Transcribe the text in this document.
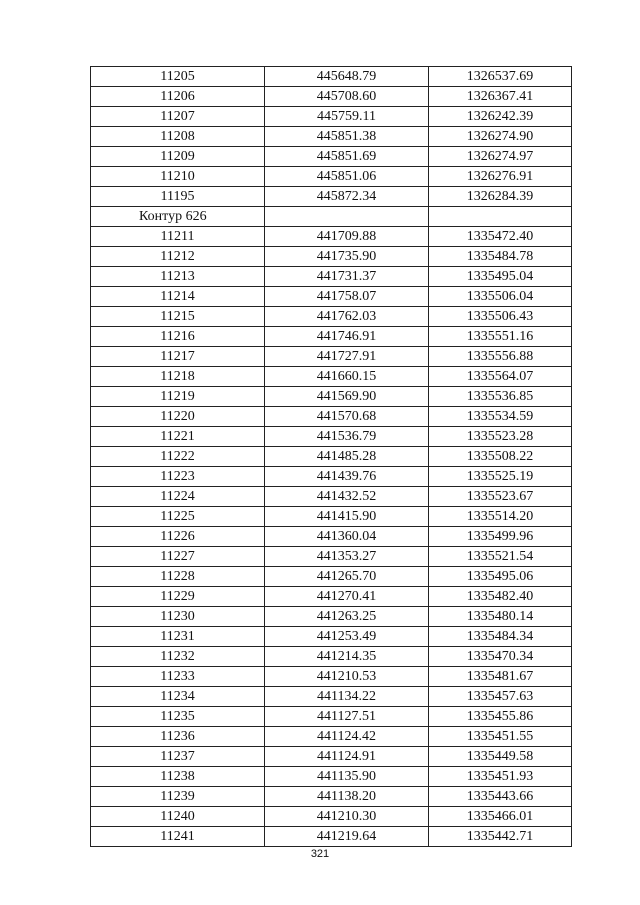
11205	445648.79	1326537.69
11206	445708.60	1326367.41
11207	445759.11	1326242.39
11208	445851.38	1326274.90
11209	445851.69	1326274.97
11210	445851.06	1326276.91
11195	445872.34	1326284.39
Контур 626		
11211	441709.88	1335472.40
11212	441735.90	1335484.78
11213	441731.37	1335495.04
11214	441758.07	1335506.04
11215	441762.03	1335506.43
11216	441746.91	1335551.16
11217	441727.91	1335556.88
11218	441660.15	1335564.07
11219	441569.90	1335536.85
11220	441570.68	1335534.59
11221	441536.79	1335523.28
11222	441485.28	1335508.22
11223	441439.76	1335525.19
11224	441432.52	1335523.67
11225	441415.90	1335514.20
11226	441360.04	1335499.96
11227	441353.27	1335521.54
11228	441265.70	1335495.06
11229	441270.41	1335482.40
11230	441263.25	1335480.14
11231	441253.49	1335484.34
11232	441214.35	1335470.34
11233	441210.53	1335481.67
11234	441134.22	1335457.63
11235	441127.51	1335455.86
11236	441124.42	1335451.55
11237	441124.91	1335449.58
11238	441135.90	1335451.93
11239	441138.20	1335443.66
11240	441210.30	1335466.01
11241	441219.64	1335442.71
321
